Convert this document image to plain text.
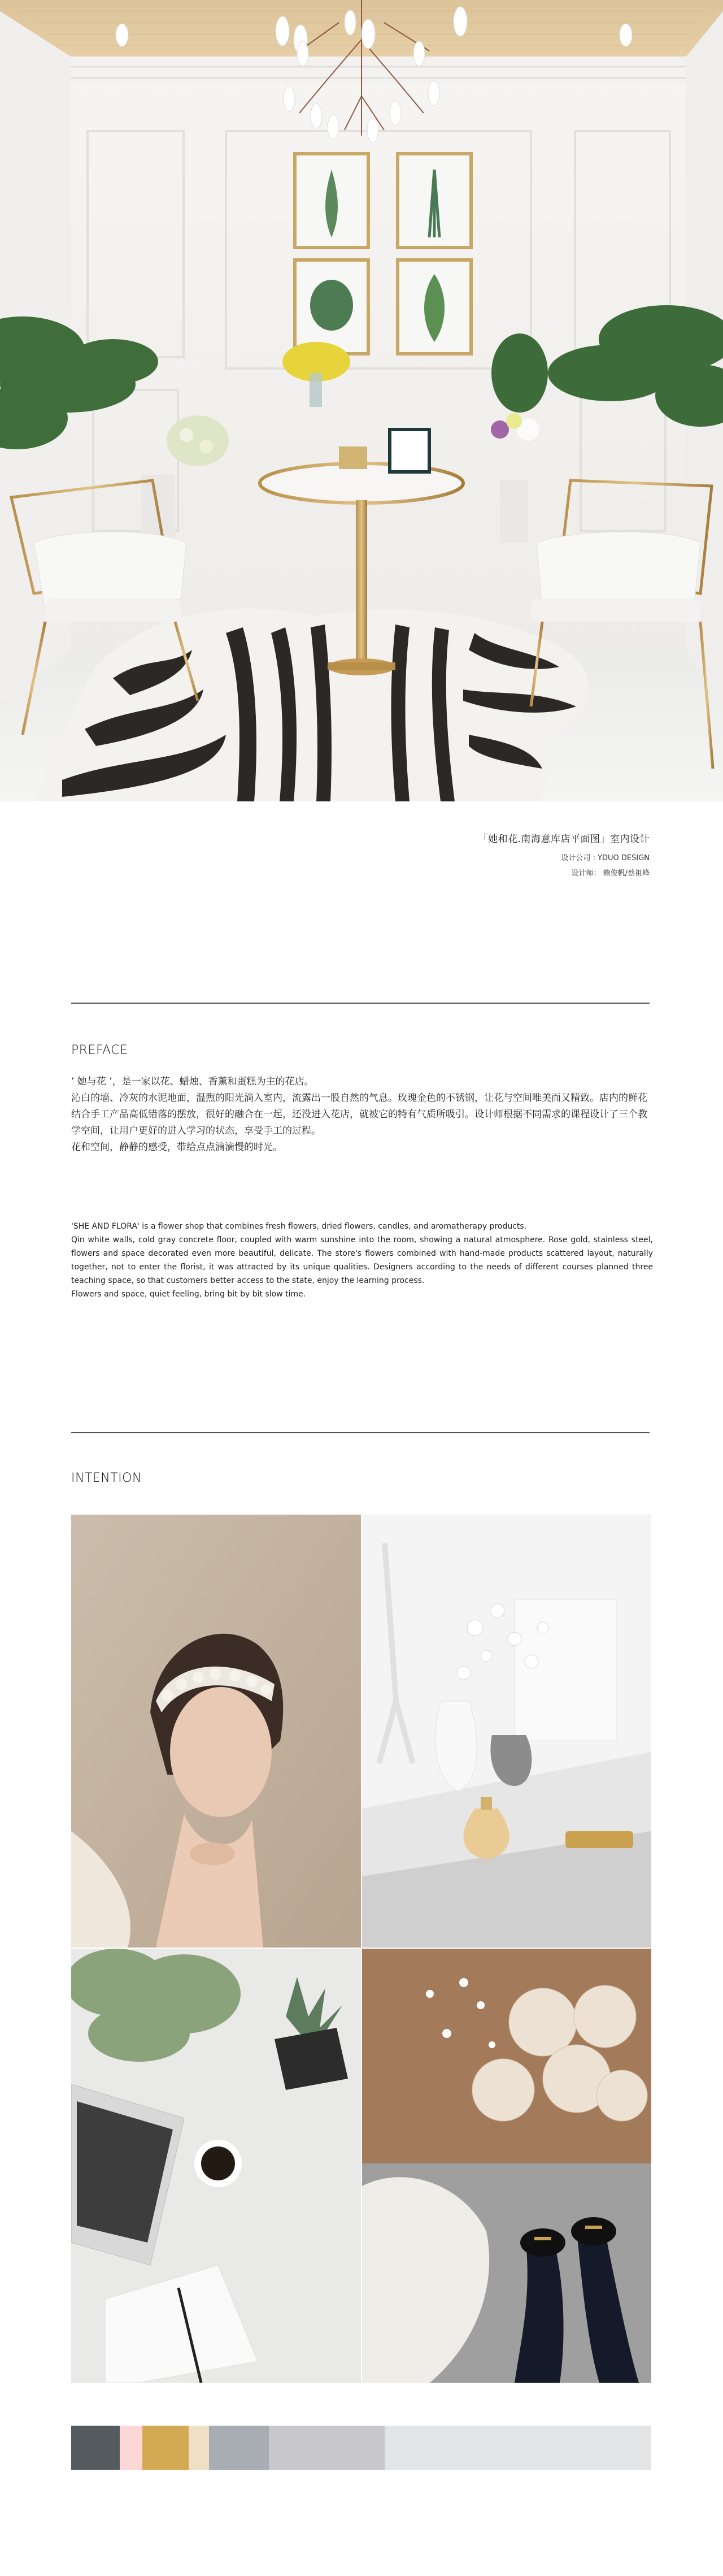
「她和花.南海意库店平面图」室内设计
设计公司 : YDUO DESIGN
设计师： 赖俊帆/蔡祖峰
PREFACE

’ 她与花 ’，是一家以花、蜡烛、香薰和蛋糕为主的花店。

沁白的墙、冷灰的水泥地面，温煦的阳光淌入室内，流露出一股自然的气息。玫瑰金色的不锈钢，让花与空间唯美而又精致。店内的鲜花结合手工产品高低错落的摆放，很好的融合在一起，还没进入花店，就被它的特有气质所吸引。设计师根据不同需求的课程设计了三个教学空间，让用户更好的进入学习的状态，享受手工的过程。

花和空间，静静的感受，带给点点滴滴慢的时光。

'SHE AND FLORA' is a flower shop that combines fresh flowers, dried flowers, candles, and aromatherapy products.

Qin white walls, cold gray concrete floor, coupled with warm sunshine into the room, showing a natural atmosphere. Rose gold, stainless steel, flowers and space decorated even more beautiful, delicate. The store's flowers combined with hand-made products scattered layout, naturally together, not to enter the florist, it was attracted by its unique qualities. Designers according to the needs of different courses planned three teaching space, so that customers better access to the state, enjoy the learning process.

Flowers and space, quiet feeling, bring bit by bit slow time.

INTENTION
